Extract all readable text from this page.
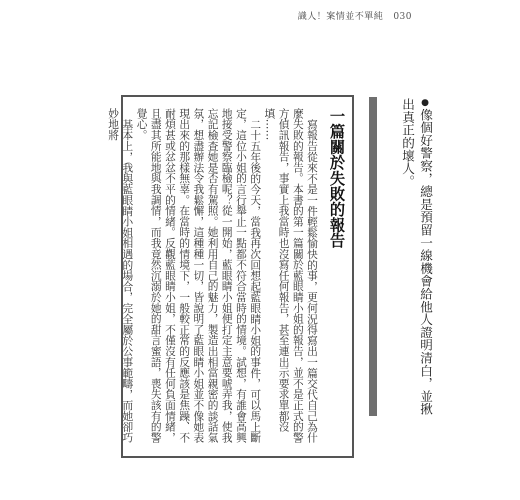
識人！案情並不單純 030
●像個好警察，總是預留一線機會給他人證明清白，並揪出真正的壞人。
一篇關於失敗的報告

寫報告從來不是一件輕鬆愉快的事，更何況得寫出一篇交代自己為什麼失敗的報告。本書的第一篇關於藍眼睛小姐的報告，並不是正式的警方偵訊報告，事實上我當時也沒寫任何報告，甚至連出示要求單都沒填……

二十五年後的今天，當我再次回想起藍眼睛小姐的事件，可以馬上斷定，這位小姐的言行舉止一點都不符合當時的情境。試想，有誰會高興地接受警察臨檢呢？從一開始，藍眼睛小姐便打定主意要唬弄我，使我忘記檢查她是否有駕照。她利用自己的魅力，製造出相當親密的談話氣氛，想盡辦法令我鬆懈，這種種一切，皆說明了藍眼睛小姐並不像她表現出來的那樣無辜。在當時的情境下，一般較正常的反應該是焦躁、不耐煩甚或忿忿不平的情緒。反觀藍眼睛小姐，不僅沒有任何負面情緒，且盡其所能地與我調情，而我竟然沉溺於她的甜言蜜語，喪失該有的警覺心。

基本上，我與藍眼睛小姐相遇的場合，完全屬於公事範疇，而她卻巧妙地將
